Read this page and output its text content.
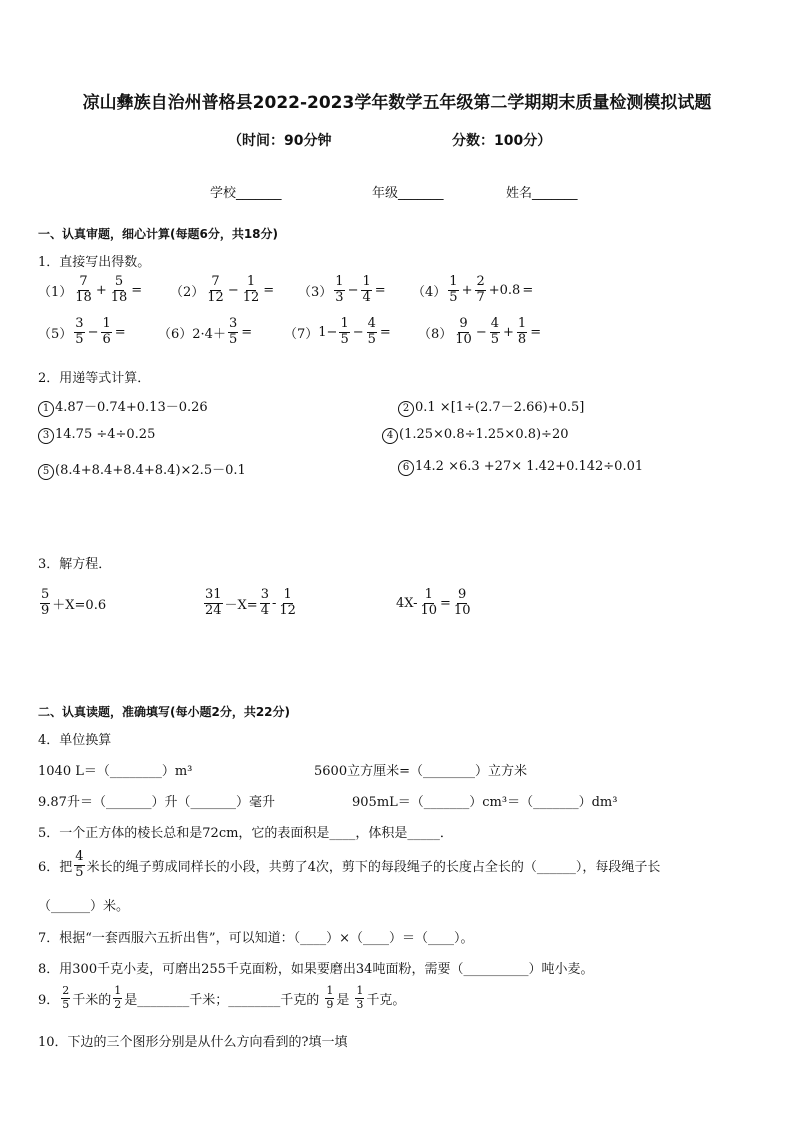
凉山彝族自治州普格县2022-2023学年数学五年级第二学期期末质量检测模拟试题
（时间：90分钟	分数：100分）
学校_______	年级_______	姓名_______
一、认真审题，细心计算(每题6分，共18分)
1．直接写出得数。
$(1) \frac{7}{18} + \frac{5}{18} = (2) \frac{7}{12} - \frac{1}{12} = (3) \frac{1}{3} - \frac{1}{4} = (4) \frac{1}{5} + \frac{2}{7} +0.8$ =
$(5) \frac{3}{5} - \frac{1}{6} = (6)$ $2\cdot 4+ \frac{3}{5} = (7)$ $1- \frac{1}{5} - \frac{4}{5} = (8) \frac{9}{10} - \frac{4}{5} + \frac{1}{8}$ =
2．用递等式计算．
1 4.87－0.74+0.13－0.26	2 0.1 ×[1÷(2.7－2.66)+0.5]
3 14.75 ÷4÷0.25	4 (1.25×0.8÷1.25×0.8)÷20
5 (8.4+8.4+8.4+8.4)×2.5－0.1	6 14.2 ×6.3 +27× 1.42+0.142÷0.01
3．解方程．
$\frac{5}{9} +X=0.6$	$\frac{31}{24} -X= \frac{3}{4} - \frac{1}{12}$	$4X- \frac{1}{10} = \frac{9}{10}$
二、认真读题，准确填写(每小题2分，共22分)
4．单位换算
1040 L＝（________）m³	5600立方厘米=（________）立方米
9.87升＝（_______）升（_______）毫升	905mL＝（_______）cm³＝（_______）dm³
5．一个正方体的棱长总和是72cm，它的表面积是____，体积是_____．
6．把 $\frac{4}{5}$ 米长的绳子剪成同样长的小段，共剪了4次，剪下的每段绳子的长度占全长的（______），每段绳子长
（______）米。
7．根据“一套西服六五折出售”，可以知道：（____）×（____）＝（____）。
8．用300千克小麦，可磨出255千克面粉，如果要磨出34吨面粉，需要（__________）吨小麦。
9． $\frac{2}{5}$ 千米的 $\frac{1}{2}$ 是________千米；________千克的 $\frac{1}{9}$ 是 $\frac{1}{3}$ 千克。
10．下边的三个图形分别是从什么方向看到的?填一填
